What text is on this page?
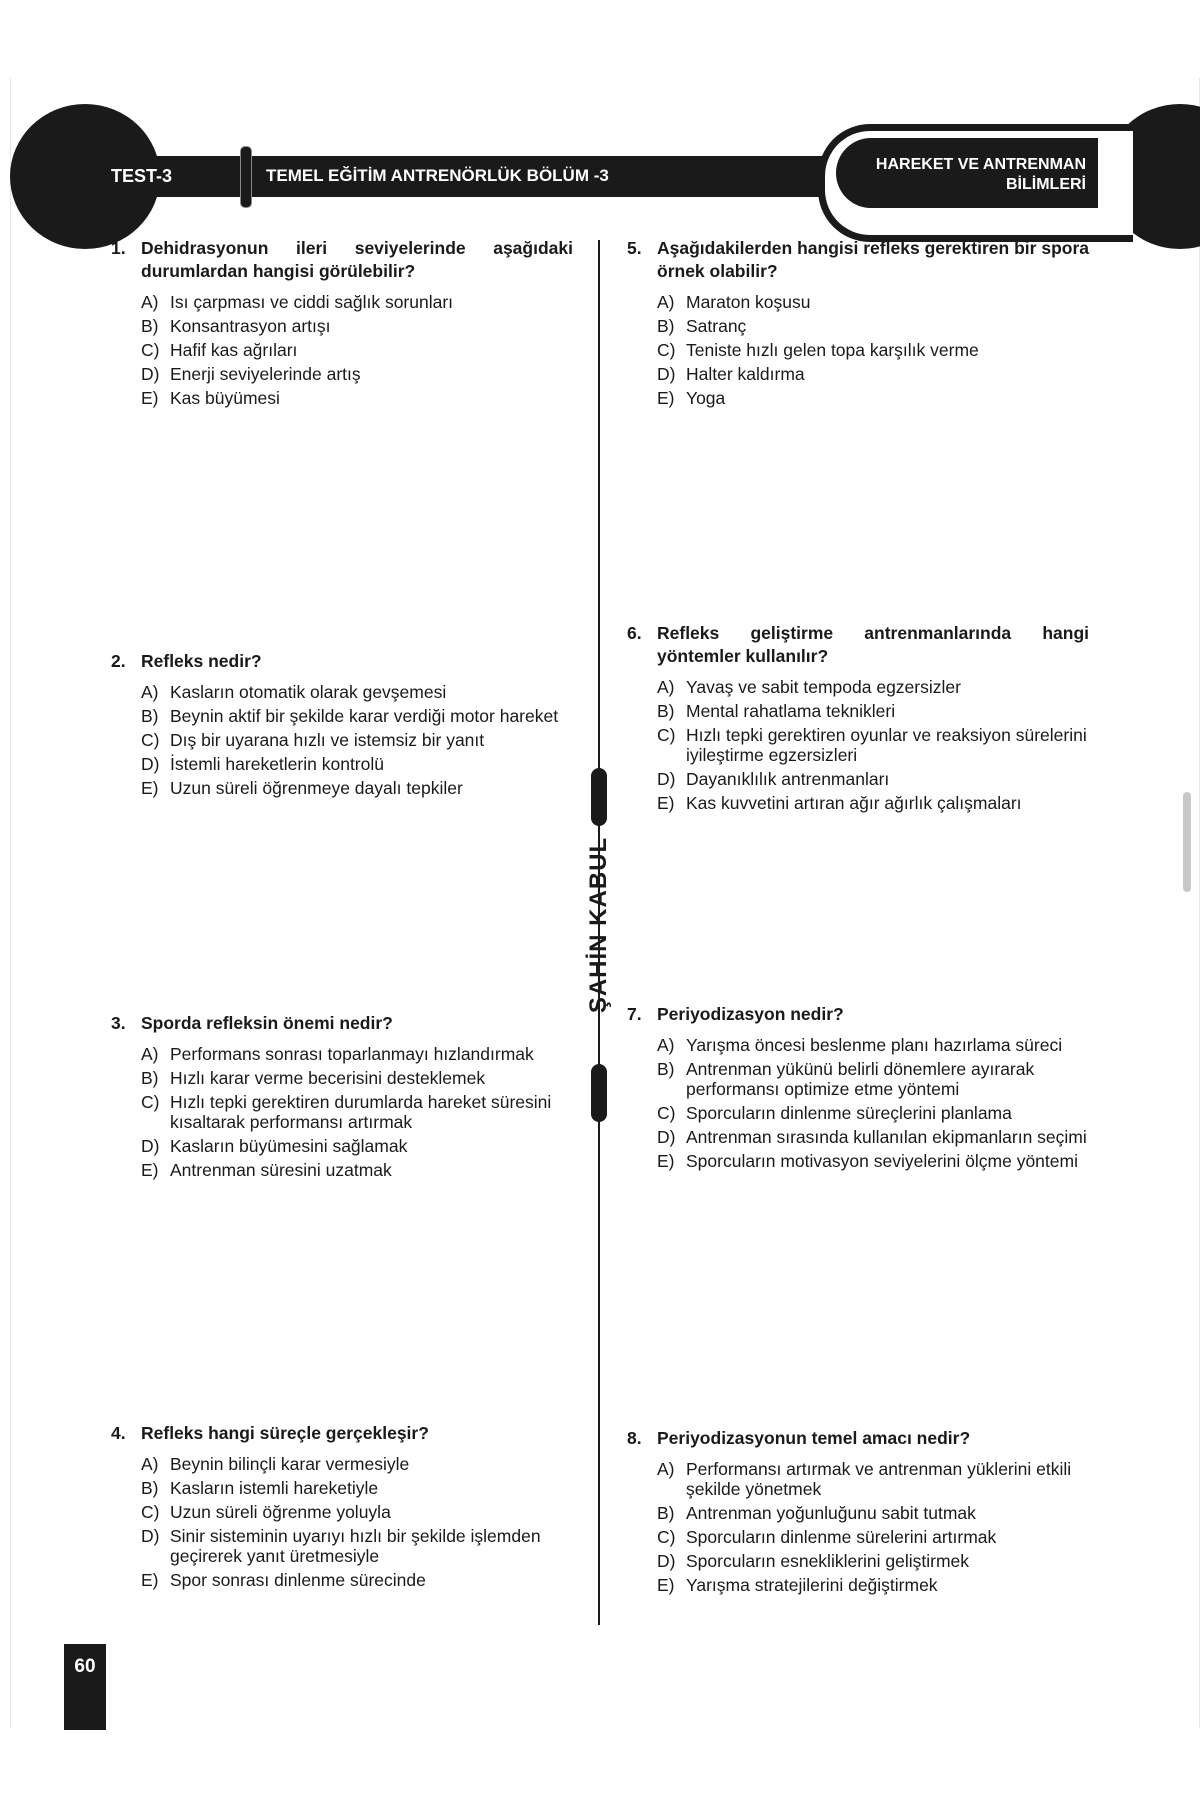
TEST-3	TEMEL EĞİTİM ANTRENÖRLÜK BÖLÜM -3
HAREKET VE ANTRENMAN
BİLİMLERİ
ŞAHİN KABUL
1. Dehidrasyonun ileri seviyelerinde aşağıdaki durumlardan hangisi görülebilir?
A) Isı çarpması ve ciddi sağlık sorunları
B) Konsantrasyon artışı
C) Hafif kas ağrıları
D) Enerji seviyelerinde artış
E) Kas büyümesi
2. Refleks nedir?
A) Kasların otomatik olarak gevşemesi
B) Beynin aktif bir şekilde karar verdiği motor hareket
C) Dış bir uyarana hızlı ve istemsiz bir yanıt
D) İstemli hareketlerin kontrolü
E) Uzun süreli öğrenmeye dayalı tepkiler
3. Sporda refleksin önemi nedir?
A) Performans sonrası toparlanmayı hızlandırmak
B) Hızlı karar verme becerisini desteklemek
C) Hızlı tepki gerektiren durumlarda hareket süresini kısaltarak performansı artırmak
D) Kasların büyümesini sağlamak
E) Antrenman süresini uzatmak
4. Refleks hangi süreçle gerçekleşir?
A) Beynin bilinçli karar vermesiyle
B) Kasların istemli hareketiyle
C) Uzun süreli öğrenme yoluyla
D) Sinir sisteminin uyarıyı hızlı bir şekilde işlemden geçirerek yanıt üretmesiyle
E) Spor sonrası dinlenme sürecinde
5. Aşağıdakilerden hangisi refleks gerektiren bir spora örnek olabilir?
A) Maraton koşusu
B) Satranç
C) Teniste hızlı gelen topa karşılık verme
D) Halter kaldırma
E) Yoga
6. Refleks geliştirme antrenmanlarında hangi yöntemler kullanılır?
A) Yavaş ve sabit tempoda egzersizler
B) Mental rahatlama teknikleri
C) Hızlı tepki gerektiren oyunlar ve reaksiyon sürelerini iyileştirme egzersizleri
D) Dayanıklılık antrenmanları
E) Kas kuvvetini artıran ağır ağırlık çalışmaları
7. Periyodizasyon nedir?
A) Yarışma öncesi beslenme planı hazırlama süreci
B) Antrenman yükünü belirli dönemlere ayırarak performansı optimize etme yöntemi
C) Sporcuların dinlenme süreçlerini planlama
D) Antrenman sırasında kullanılan ekipmanların seçimi
E) Sporcuların motivasyon seviyelerini ölçme yöntemi
8. Periyodizasyonun temel amacı nedir?
A) Performansı artırmak ve antrenman yüklerini etkili şekilde yönetmek
B) Antrenman yoğunluğunu sabit tutmak
C) Sporcuların dinlenme sürelerini artırmak
D) Sporcuların esnekliklerini geliştirmek
E) Yarışma stratejilerini değiştirmek
60
